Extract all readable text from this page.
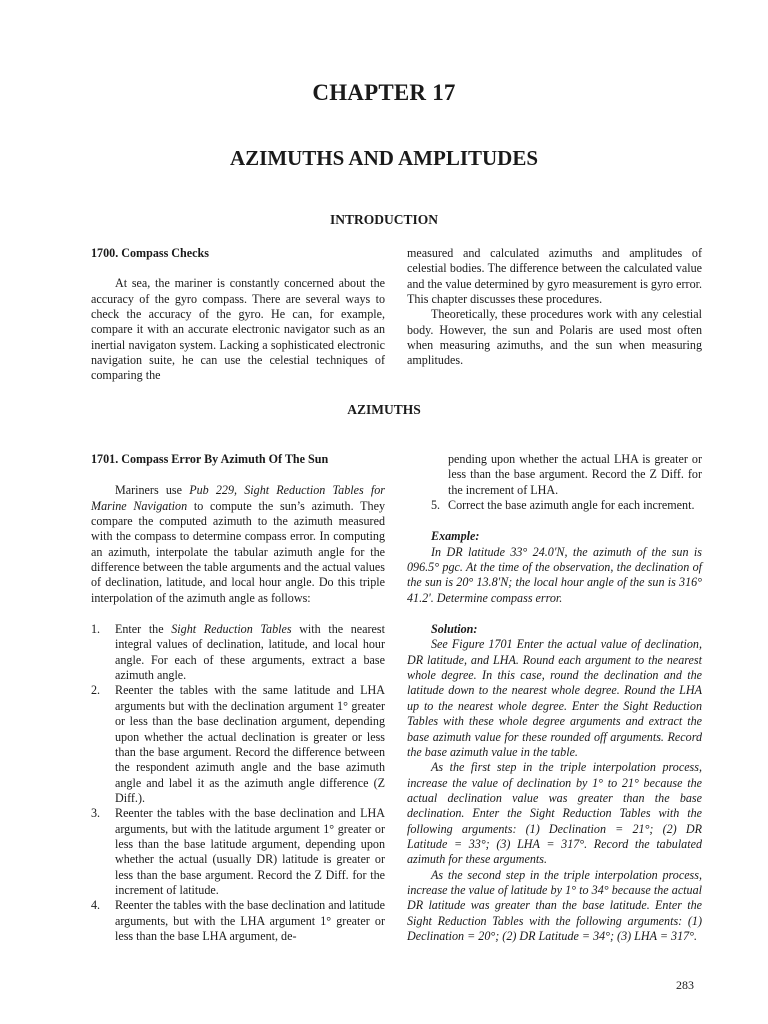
CHAPTER 17
AZIMUTHS AND AMPLITUDES
INTRODUCTION

1700. Compass Checks

At sea, the mariner is constantly concerned about the accuracy of the gyro compass. There are several ways to check the accuracy of the gyro. He can, for example, compare it with an accurate electronic navigator such as an inertial navigaton system. Lacking a sophisticated electronic navigation suite, he can use the celestial techniques of comparing the

measured and calculated azimuths and amplitudes of celestial bodies. The difference between the calculated value and the value determined by gyro measurement is gyro error. This chapter discusses these procedures.

Theoretically, these procedures work with any celestial body. However, the sun and Polaris are used most often when measuring azimuths, and the sun when measuring amplitudes.

AZIMUTHS

1701. Compass Error By Azimuth Of The Sun

Mariners use Pub 229, Sight Reduction Tables for Marine Navigation to compute the sun’s azimuth. They compare the computed azimuth to the azimuth measured with the compass to determine compass error. In computing an azimuth, interpolate the tabular azimuth angle for the difference between the table arguments and the actual values of declination, latitude, and local hour angle. Do this triple interpolation of the azimuth angle as follows:

1. Enter the Sight Reduction Tables with the nearest integral values of declination, latitude, and local hour angle. For each of these arguments, extract a base azimuth angle.
2. Reenter the tables with the same latitude and LHA arguments but with the declination argument 1° greater or less than the base declination argument, depending upon whether the actual declination is greater or less than the base argument. Record the difference between the respondent azimuth angle and the base azimuth angle and label it as the azimuth angle difference (Z Diff.).
3. Reenter the tables with the base declination and LHA arguments, but with the latitude argument 1° greater or less than the base latitude argument, depending upon whether the actual (usually DR) latitude is greater or less than the base argument. Record the Z Diff. for the increment of latitude.
4. Reenter the tables with the base declination and latitude arguments, but with the LHA argument 1° greater or less than the base LHA argument, de-
pending upon whether the actual LHA is greater or less than the base argument. Record the Z Diff. for the increment of LHA.
5. Correct the base azimuth angle for each increment.

Example:

In DR latitude 33° 24.0'N, the azimuth of the sun is 096.5° pgc. At the time of the observation, the declination of the sun is 20° 13.8'N; the local hour angle of the sun is 316° 41.2'. Determine compass error.

Solution:

See Figure 1701 Enter the actual value of declination, DR latitude, and LHA. Round each argument to the nearest whole degree. In this case, round the declination and the latitude down to the nearest whole degree. Round the LHA up to the nearest whole degree. Enter the Sight Reduction Tables with these whole degree arguments and extract the base azimuth value for these rounded off arguments. Record the base azimuth value in the table.

As the first step in the triple interpolation process, increase the value of declination by 1° to 21° because the actual declination value was greater than the base declination. Enter the Sight Reduction Tables with the following arguments: (1) Declination = 21°; (2) DR Latitude = 33°; (3) LHA = 317°. Record the tabulated azimuth for these arguments.

As the second step in the triple interpolation process, increase the value of latitude by 1° to 34° because the actual DR latitude was greater than the base latitude. Enter the Sight Reduction Tables with the following arguments: (1) Declination = 20°; (2) DR Latitude = 34°; (3) LHA = 317°.

283
